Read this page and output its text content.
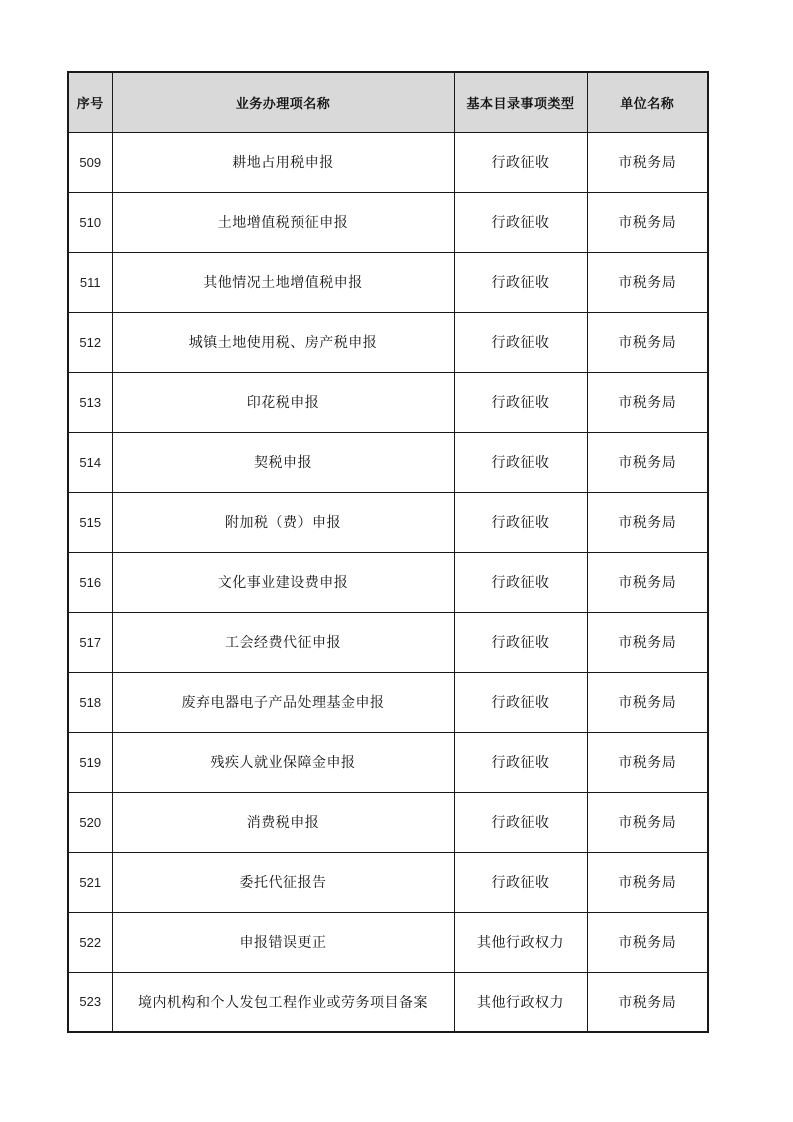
序号	业务办理项名称	基本目录事项类型	单位名称
509	耕地占用税申报	行政征收	市税务局
510	土地增值税预征申报	行政征收	市税务局
511	其他情况土地增值税申报	行政征收	市税务局
512	城镇土地使用税、房产税申报	行政征收	市税务局
513	印花税申报	行政征收	市税务局
514	契税申报	行政征收	市税务局
515	附加税（费）申报	行政征收	市税务局
516	文化事业建设费申报	行政征收	市税务局
517	工会经费代征申报	行政征收	市税务局
518	废弃电器电子产品处理基金申报	行政征收	市税务局
519	残疾人就业保障金申报	行政征收	市税务局
520	消费税申报	行政征收	市税务局
521	委托代征报告	行政征收	市税务局
522	申报错误更正	其他行政权力	市税务局
523	境内机构和个人发包工程作业或劳务项目备案	其他行政权力	市税务局
